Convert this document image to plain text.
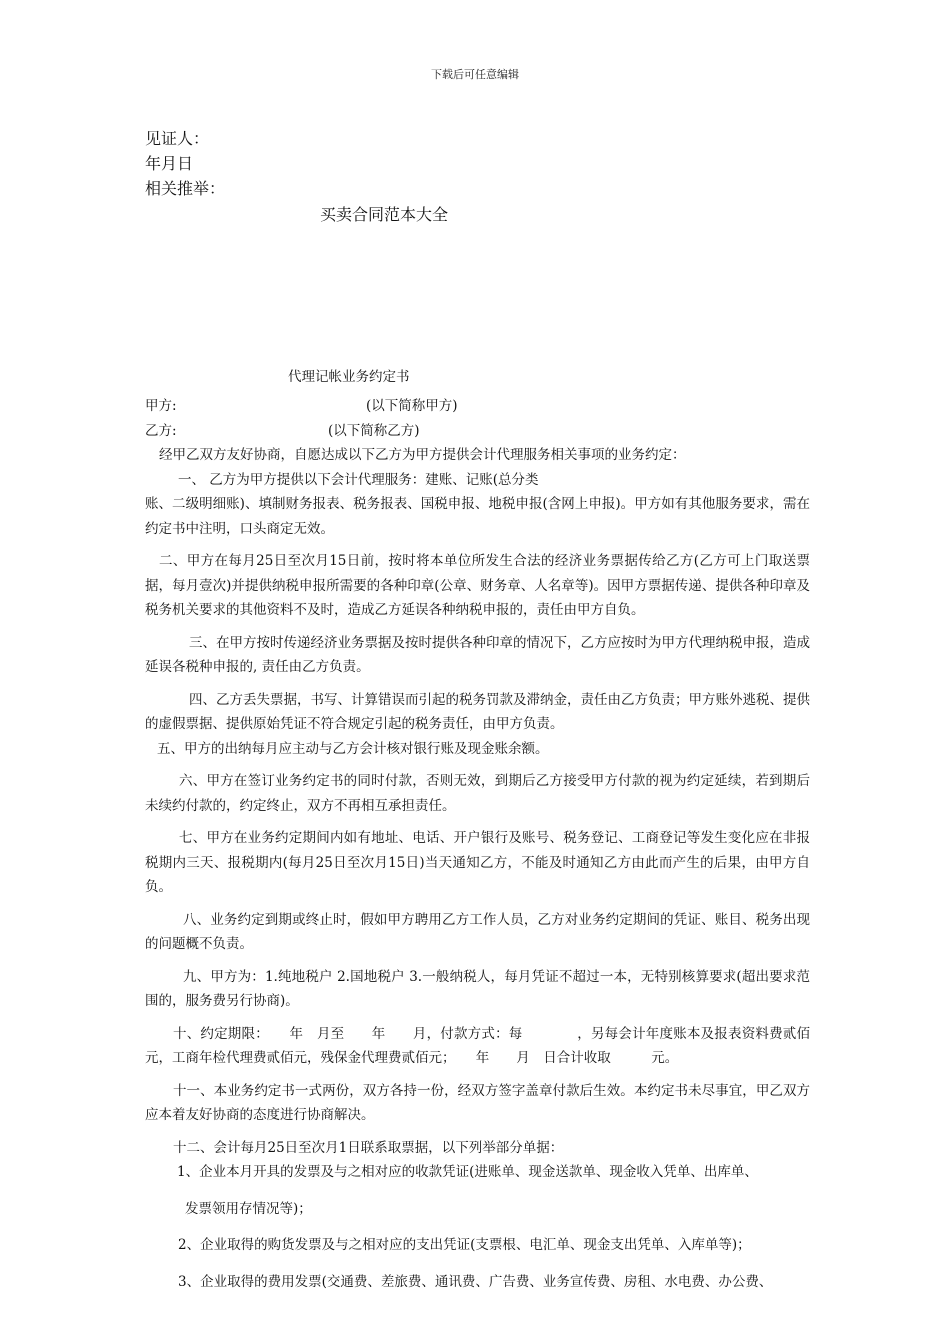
下载后可任意编辑
见证人：
年月日
相关推举：
买卖合同范本大全
代理记帐业务约定书
甲方:	(以下简称甲方)
乙方:	(以下简称乙方)

经甲乙双方友好协商，自愿达成以下乙方为甲方提供会计代理服务相关事项的业务约定：

一、 乙方为甲方提供以下会计代理服务：建账、记账(总分类

账、二级明细账)、填制财务报表、税务报表、国税申报、地税申报(含网上申报)。甲方如有其他服务要求，需在约定书中注明，口头商定无效。

二、甲方在每月25日至次月15日前，按时将本单位所发生合法的经济业务票据传给乙方(乙方可上门取送票据，每月壹次)并提供纳税申报所需要的各种印章(公章、财务章、人名章等)。因甲方票据传递、提供各种印章及税务机关要求的其他资料不及时，造成乙方延误各种纳税申报的，责任由甲方自负。

三、在甲方按时传递经济业务票据及按时提供各种印章的情况下，乙方应按时为甲方代理纳税申报，造成延误各税种申报的, 责任由乙方负责。

四、乙方丢失票据，书写、计算错误而引起的税务罚款及滞纳金，责任由乙方负责；甲方账外逃税、提供的虚假票据、提供原始凭证不符合规定引起的税务责任，由甲方负责。

五、甲方的出纳每月应主动与乙方会计核对银行账及现金账余额。

六、甲方在签订业务约定书的同时付款，否则无效，到期后乙方接受甲方付款的视为约定延续，若到期后未续约付款的，约定终止，双方不再相互承担责任。

七、甲方在业务约定期间内如有地址、电话、开户银行及账号、税务登记、工商登记等发生变化应在非报税期内三天、报税期内(每月25日至次月15日)当天通知乙方，不能及时通知乙方由此而产生的后果，由甲方自负。

八、业务约定到期或终止时，假如甲方聘用乙方工作人员，乙方对业务约定期间的凭证、账目、税务出现的问题概不负责。

九、甲方为：1.纯地税户 2.国地税户 3.一般纳税人，每月凭证不超过一本，无特别核算要求(超出要求范围的，服务费另行协商)。

十、约定期限：　　年　月至　　年　　月，付款方式：每　　　　，另每会计年度账本及报表资料费贰佰元，工商年检代理费贰佰元，残保金代理费贰佰元；　　年　　月　日合计收取　　　元。

十一、本业务约定书一式两份，双方各持一份，经双方签字盖章付款后生效。本约定书未尽事宜，甲乙双方应本着友好协商的态度进行协商解决。

十二、会计每月25日至次月1日联系取票据，以下列举部分单据：

1、企业本月开具的发票及与之相对应的收款凭证(进账单、现金送款单、现金收入凭单、出库单、

发票领用存情况等)；

2、企业取得的购货发票及与之相对应的支出凭证(支票根、电汇单、现金支出凭单、入库单等)；

3、企业取得的费用发票(交通费、差旅费、通讯费、广告费、业务宣传费、房租、水电费、办公费、
